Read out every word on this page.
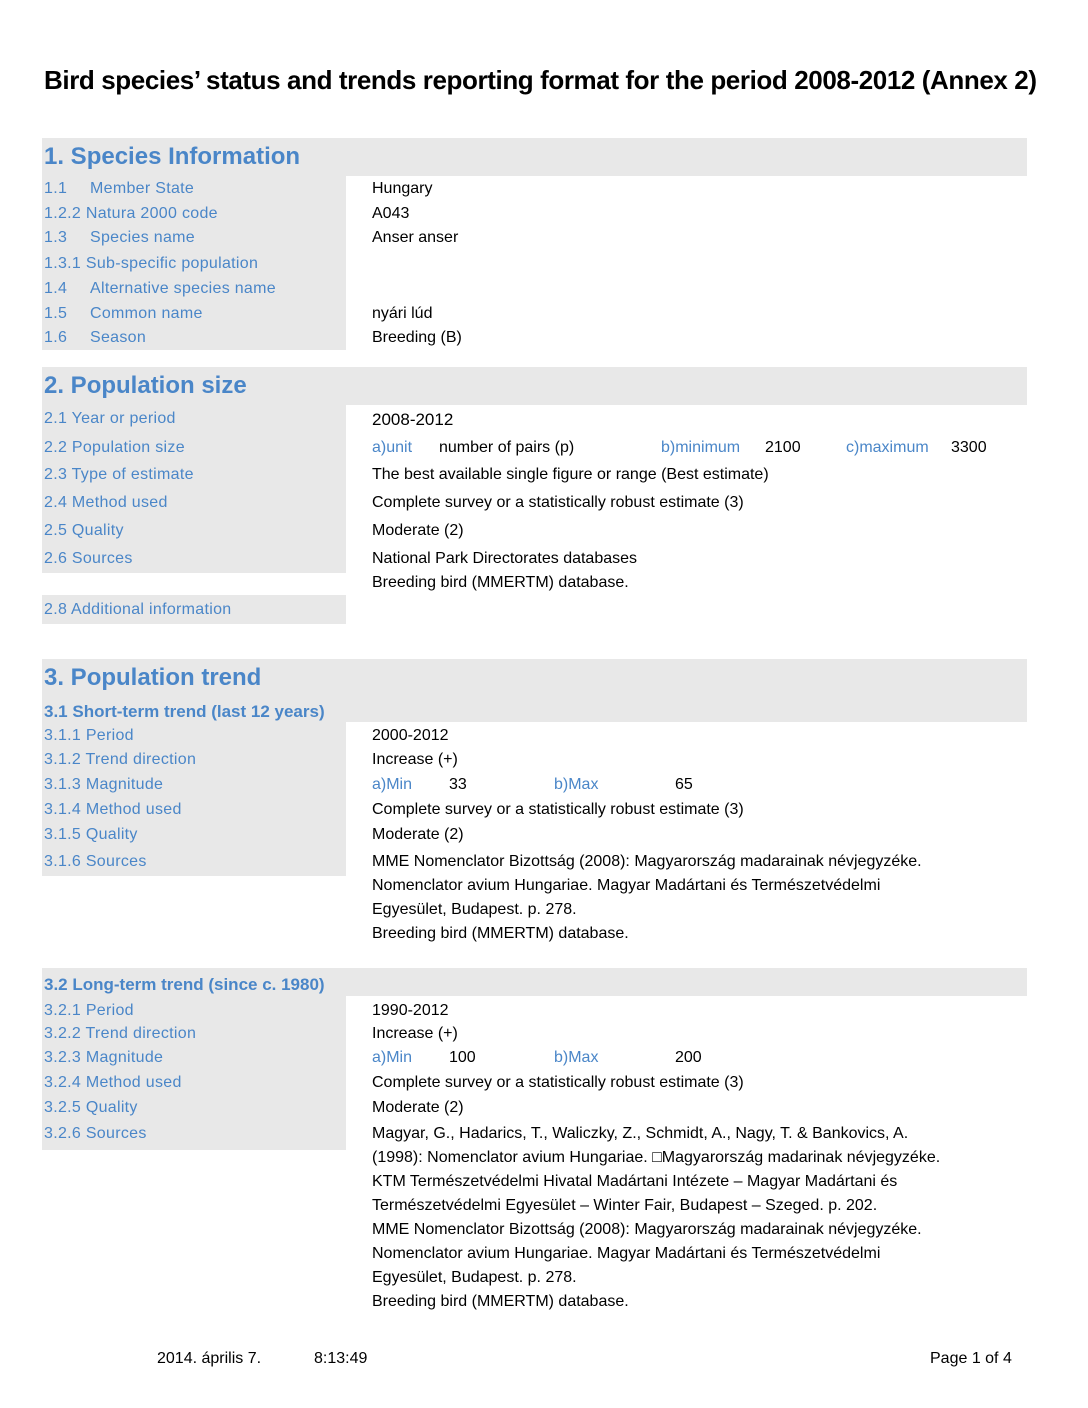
Bird species’ status and trends reporting format for the period 2008-2012 (Annex 2)
1. Species Information
1.1 Member State	Hungary
1.2.2 Natura 2000 code	A043
1.3 Species name	Anser anser
1.3.1 Sub-specific population
1.4 Alternative species name
1.5 Common name	nyári lúd
1.6 Season	Breeding (B)
2. Population size
2.1 Year or period	2008-2012
2.2 Population size	a)unit number of pairs (p)	b)minimum 2100	c)maximum 3300
2.3 Type of estimate	The best available single figure or range (Best estimate)
2.4 Method used	Complete survey or a statistically robust estimate (3)
2.5 Quality	Moderate (2)
2.6 Sources	National Park Directorates databases
Breeding bird (MMERTM) database.
2.8 Additional information
3. Population trend
3.1 Short-term trend (last 12 years)
3.1.1 Period	2000-2012
3.1.2 Trend direction	Increase (+)
3.1.3 Magnitude	a)Min 33	b)Max	65
3.1.4 Method used	Complete survey or a statistically robust estimate (3)
3.1.5 Quality	Moderate (2)
3.1.6 Sources	MME Nomenclator Bizottság (2008): Magyarország madarainak névjegyzéke.
Nomenclator avium Hungariae. Magyar Madártani és Természetvédelmi
Egyesület, Budapest. p. 278.
Breeding bird (MMERTM) database.
3.2 Long-term trend (since c. 1980)
3.2.1 Period	1990-2012
3.2.2 Trend direction	Increase (+)
3.2.3 Magnitude	a)Min 100	b)Max	200
3.2.4 Method used	Complete survey or a statistically robust estimate (3)
3.2.5 Quality	Moderate (2)
3.2.6 Sources	Magyar, G., Hadarics, T., Waliczky, Z., Schmidt, A., Nagy, T. & Bankovics, A.
(1998): Nomenclator avium Hungariae. □Magyarország madarinak névjegyzéke.
KTM Természetvédelmi Hivatal Madártani Intézete – Magyar Madártani és
Természetvédelmi Egyesület – Winter Fair, Budapest – Szeged. p. 202.
MME Nomenclator Bizottság (2008): Magyarország madarainak névjegyzéke.
Nomenclator avium Hungariae. Magyar Madártani és Természetvédelmi
Egyesület, Budapest. p. 278.
Breeding bird (MMERTM) database.
2014. április 7.	8:13:49	Page 1 of 4
